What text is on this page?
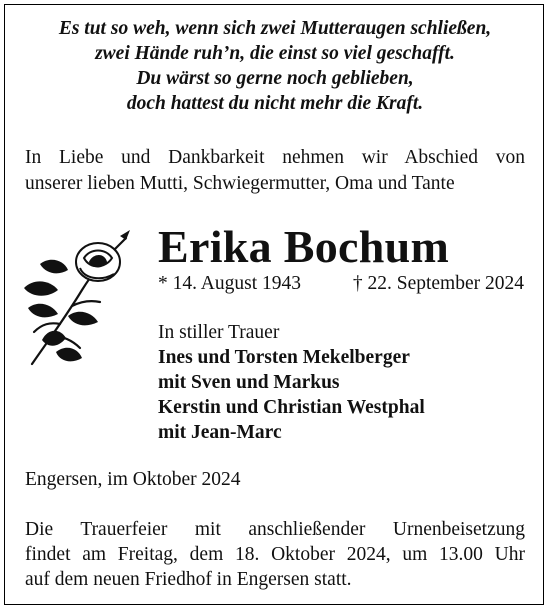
Es tut so weh, wenn sich zwei Mutteraugen schließen,
zwei Hände ruh’n, die einst so viel geschafft.
Du wärst so gerne noch geblieben,
doch hattest du nicht mehr die Kraft.
In Liebe und Dankbarkeit nehmen wir Abschied von
unserer lieben Mutti, Schwiegermutter, Oma und Tante
Erika Bochum
* 14. August 1943	† 22. September 2024
In stiller Trauer
Ines und Torsten Mekelberger
mit Sven und Markus
Kerstin und Christian Westphal
mit Jean-Marc
Engersen, im Oktober 2024
Die Trauerfeier mit anschließender Urnenbeisetzung
findet am Freitag, dem 18. Oktober 2024, um 13.00 Uhr
auf dem neuen Friedhof in Engersen statt.
